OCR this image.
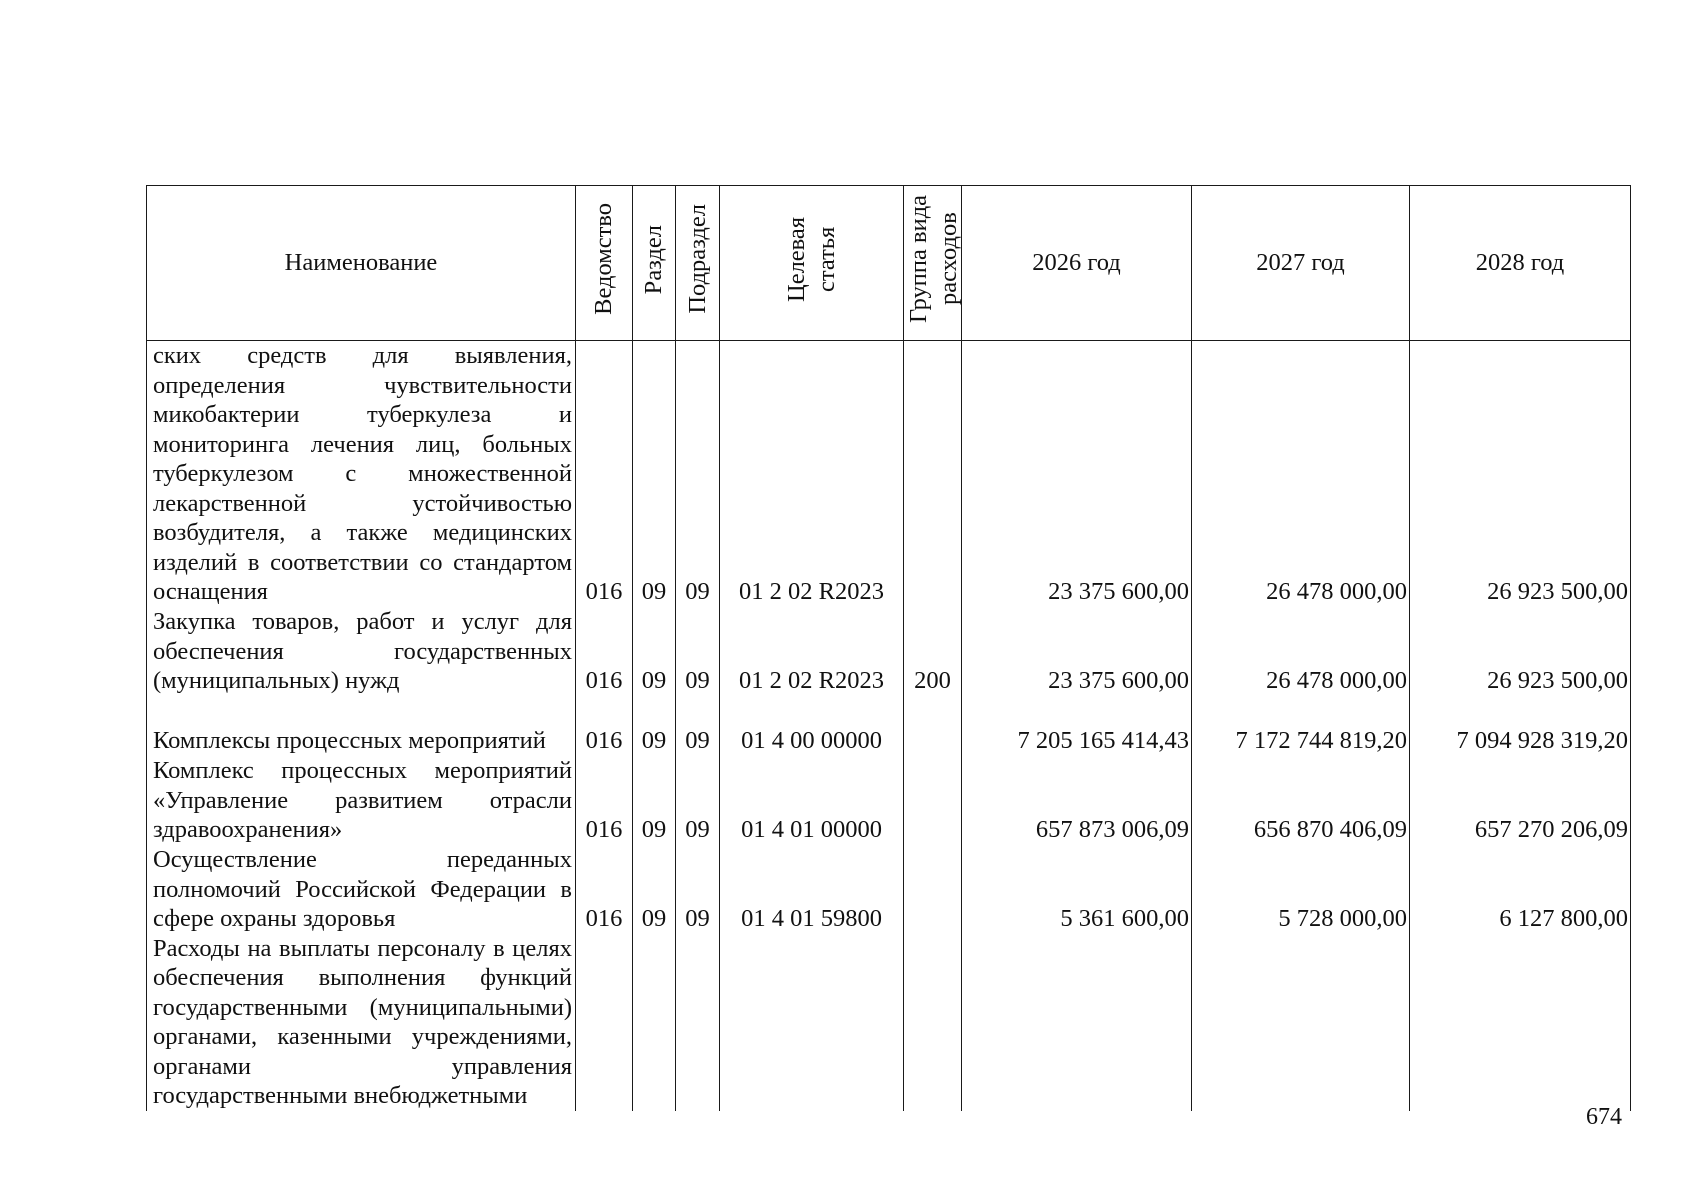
Наименование	Ведомство	Раздел	Подраздел	Целевая статья	Группа вида расходов	2026 год	2027 год	2028 год
ских средств для выявления, определения чувствительности микобактерии туберкулеза и мониторинга лечения лиц, больных туберкулезом с множественной лекарственной устойчивостью возбудителя, а также медицинских изделий в соответствии со стандартом оснащения	016	09	09	01 2 02 R2023		23 375 600,00	26 478 000,00	26 923 500,00
Закупка товаров, работ и услуг для обеспечения государственных (муниципальных) нужд	016	09	09	01 2 02 R2023	200	23 375 600,00	26 478 000,00	26 923 500,00
Комплексы процессных мероприятий	016	09	09	01 4 00 00000		7 205 165 414,43	7 172 744 819,20	7 094 928 319,20
Комплекс процессных мероприятий «Управление развитием отрасли здравоохранения»	016	09	09	01 4 01 00000		657 873 006,09	656 870 406,09	657 270 206,09
Осуществление переданных полномочий Российской Федерации в сфере охраны здоровья	016	09	09	01 4 01 59800		5 361 600,00	5 728 000,00	6 127 800,00
Расходы на выплаты персоналу в целях обеспечения выполнения функций государственными (муниципальными) органами, казенными учреждениями, органами управления государственными внебюджетными								
674
